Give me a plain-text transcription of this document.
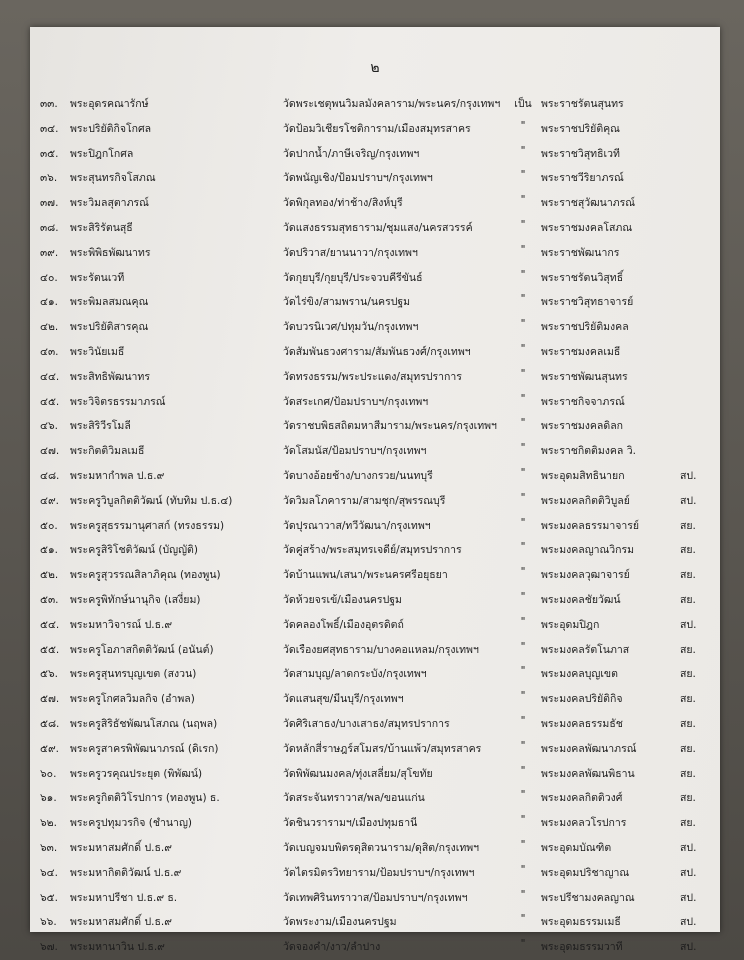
๒
๓๓.	พระอุดรคณารักษ์	วัดพระเชตุพนวิมลมังคลาราม/พระนคร/กรุงเทพฯ	เป็น พระราชรัตนสุนทร
๓๔.	พระปริยัติกิจโกศล	วัดป้อมวิเชียรโชติการาม/เมืองสมุทรสาคร	"	พระราชปริยัติคุณ
๓๕.	พระปิฎกโกศล	วัดปากน้ำ/ภาษีเจริญ/กรุงเทพฯ	"	พระราชวิสุทธิเวที
๓๖.	พระสุนทรกิจโสภณ	วัดพนัญเชิง/ป้อมปราบฯ/กรุงเทพฯ	"	พระราชวีริยาภรณ์
๓๗.	พระวิมลสุตาภรณ์	วัดพิกุลทอง/ท่าช้าง/สิงห์บุรี	"	พระราชสุวัฒนาภรณ์
๓๘.	พระสิริรัตนสุธี	วัดแสงธรรมสุทธาราม/ชุมแสง/นครสวรรค์	"	พระราชมงคลโสภณ
๓๙.	พระพิพิธพัฒนาทร	วัดปริวาส/ยานนาวา/กรุงเทพฯ	"	พระราชพัฒนากร
๔๐.	พระรัตนเวที	วัดกุยบุรี/กุยบุรี/ประจวบคีรีขันธ์	"	พระราชรัตนวิสุทธิ์
๔๑.	พระพิมลสมณคุณ	วัดไร่ขิง/สามพราน/นครปฐม	"	พระราชวิสุทธาจารย์
๔๒.	พระปริยัติสารคุณ	วัดบวรนิเวศ/ปทุมวัน/กรุงเทพฯ	"	พระราชปริยัติมงคล
๔๓.	พระวินัยเมธี	วัดสัมพันธวงศาราม/สัมพันธวงศ์/กรุงเทพฯ	"	พระราชมงคลเมธี
๔๔.	พระสิทธิพัฒนาทร	วัดทรงธรรม/พระประแดง/สมุทรปราการ	"	พระราชพัฒนสุนทร
๔๕.	พระวิจิตรธรรมาภรณ์	วัดสระเกศ/ป้อมปราบฯ/กรุงเทพฯ	"	พระราชกิจจาภรณ์
๔๖.	พระสิริวีรโมลี	วัดราชบพิธสถิตมหาสีมาราม/พระนคร/กรุงเทพฯ	"	พระราชมงคลดิลก
๔๗.	พระกิตติวิมลเมธี	วัดโสมนัส/ป้อมปราบฯ/กรุงเทพฯ	"	พระราชกิตติมงคล วิ.
๔๘.	พระมหากำพล ป.ธ.๙	วัดบางอ้อยช้าง/บางกรวย/นนทบุรี	"	พระอุดมสิทธินายก	สป.
๔๙.	พระครูวิบูลกิตติวัฒน์ (ทับทิม ป.ธ.๔)	วัดวิมลโภคาราม/สามชุก/สุพรรณบุรี	"	พระมงคลกิตติวิบูลย์	สป.
๕๐.	พระครูสุธรรมานุศาสก์ (ทรงธรรม)	วัดปุรณาวาส/ทวีวัฒนา/กรุงเทพฯ	"	พระมงคลธรรมาจารย์	สย.
๕๑.	พระครูสิริโชติวัฒน์ (บัญญัติ)	วัดคู่สร้าง/พระสมุทรเจดีย์/สมุทรปราการ	"	พระมงคลญาณวิกรม	สย.
๕๒.	พระครูสุวรรณสิลาภิคุณ (ทองพูน)	วัดบ้านแพน/เสนา/พระนครศรีอยุธยา	"	พระมงคลวุฒาจารย์	สย.
๕๓.	พระครูพิทักษ์นานุกิจ (เสงี่ยม)	วัดห้วยจรเข้/เมืองนครปฐม	"	พระมงคลชัยวัฒน์	สย.
๕๔.	พระมหาวิจารณ์ ป.ธ.๙	วัดคลองโพธิ์/เมืองอุตรดิตถ์	"	พระอุดมปิฎก	สป.
๕๕.	พระครูโอภาสกิตติวัฒน์ (อนันต์)	วัดเรืองยศสุทธาราม/บางคอแหลม/กรุงเทพฯ	"	พระมงคลรัตโนภาส	สย.
๕๖.	พระครูสุนทรบุญเขต (สงวน)	วัดสามบุญ/ลาดกระบัง/กรุงเทพฯ	"	พระมงคลบุญเขต	สย.
๕๗.	พระครูโกศลวิมลกิจ (อำพล)	วัดแสนสุข/มีนบุรี/กรุงเทพฯ	"	พระมงคลปริยัติกิจ	สย.
๕๘.	พระครูสิริธัชพัฒนโสภณ (นฤพล)	วัดศิริเสาธง/บางเสาธง/สมุทรปราการ	"	พระมงคลธรรมธัช	สย.
๕๙.	พระครูสาครพิพัฒนาภรณ์ (ดิเรก)	วัดหลักสี่ราษฎร์สโมสร/บ้านแพ้ว/สมุทรสาคร	"	พระมงคลพัฒนาภรณ์	สย.
๖๐.	พระครูวรคุณประยุต (พิพัฒน์)	วัดพิพัฒนมงคล/ทุ่งเสลี่ยม/สุโขทัย	"	พระมงคลพัฒนพิธาน	สย.
๖๑.	พระครูกิตติวิโรปการ (ทองพูน) ธ.	วัดสระจันทราวาส/พล/ขอนแก่น	"	พระมงคลกิตติวงศ์	สย.
๖๒.	พระครูปทุมวรกิจ (ชำนาญ)	วัดชินวรารามฯ/เมืองปทุมธานี	"	พระมงคลวโรปการ	สย.
๖๓.	พระมหาสมศักดิ์ ป.ธ.๙	วัดเบญจมบพิตรดุสิตวนาราม/ดุสิต/กรุงเทพฯ	"	พระอุดมบัณฑิต	สป.
๖๔.	พระมหากิตติวัฒน์ ป.ธ.๙	วัดไตรมิตรวิทยาราม/ป้อมปราบฯ/กรุงเทพฯ	"	พระอุดมปริชาญาณ	สป.
๖๕.	พระมหาปรีชา ป.ธ.๙ ธ.	วัดเทพศิรินทราวาส/ป้อมปราบฯ/กรุงเทพฯ	"	พระปรีชามงคลญาณ	สป.
๖๖.	พระมหาสมศักดิ์ ป.ธ.๙	วัดพระงาม/เมืองนครปฐม	"	พระอุดมธรรมเมธี	สป.
๖๗.	พระมหานาวิน ป.ธ.๙	วัดจองคำ/งาว/ลำปาง	"	พระอุดมธรรมวาที	สป.
